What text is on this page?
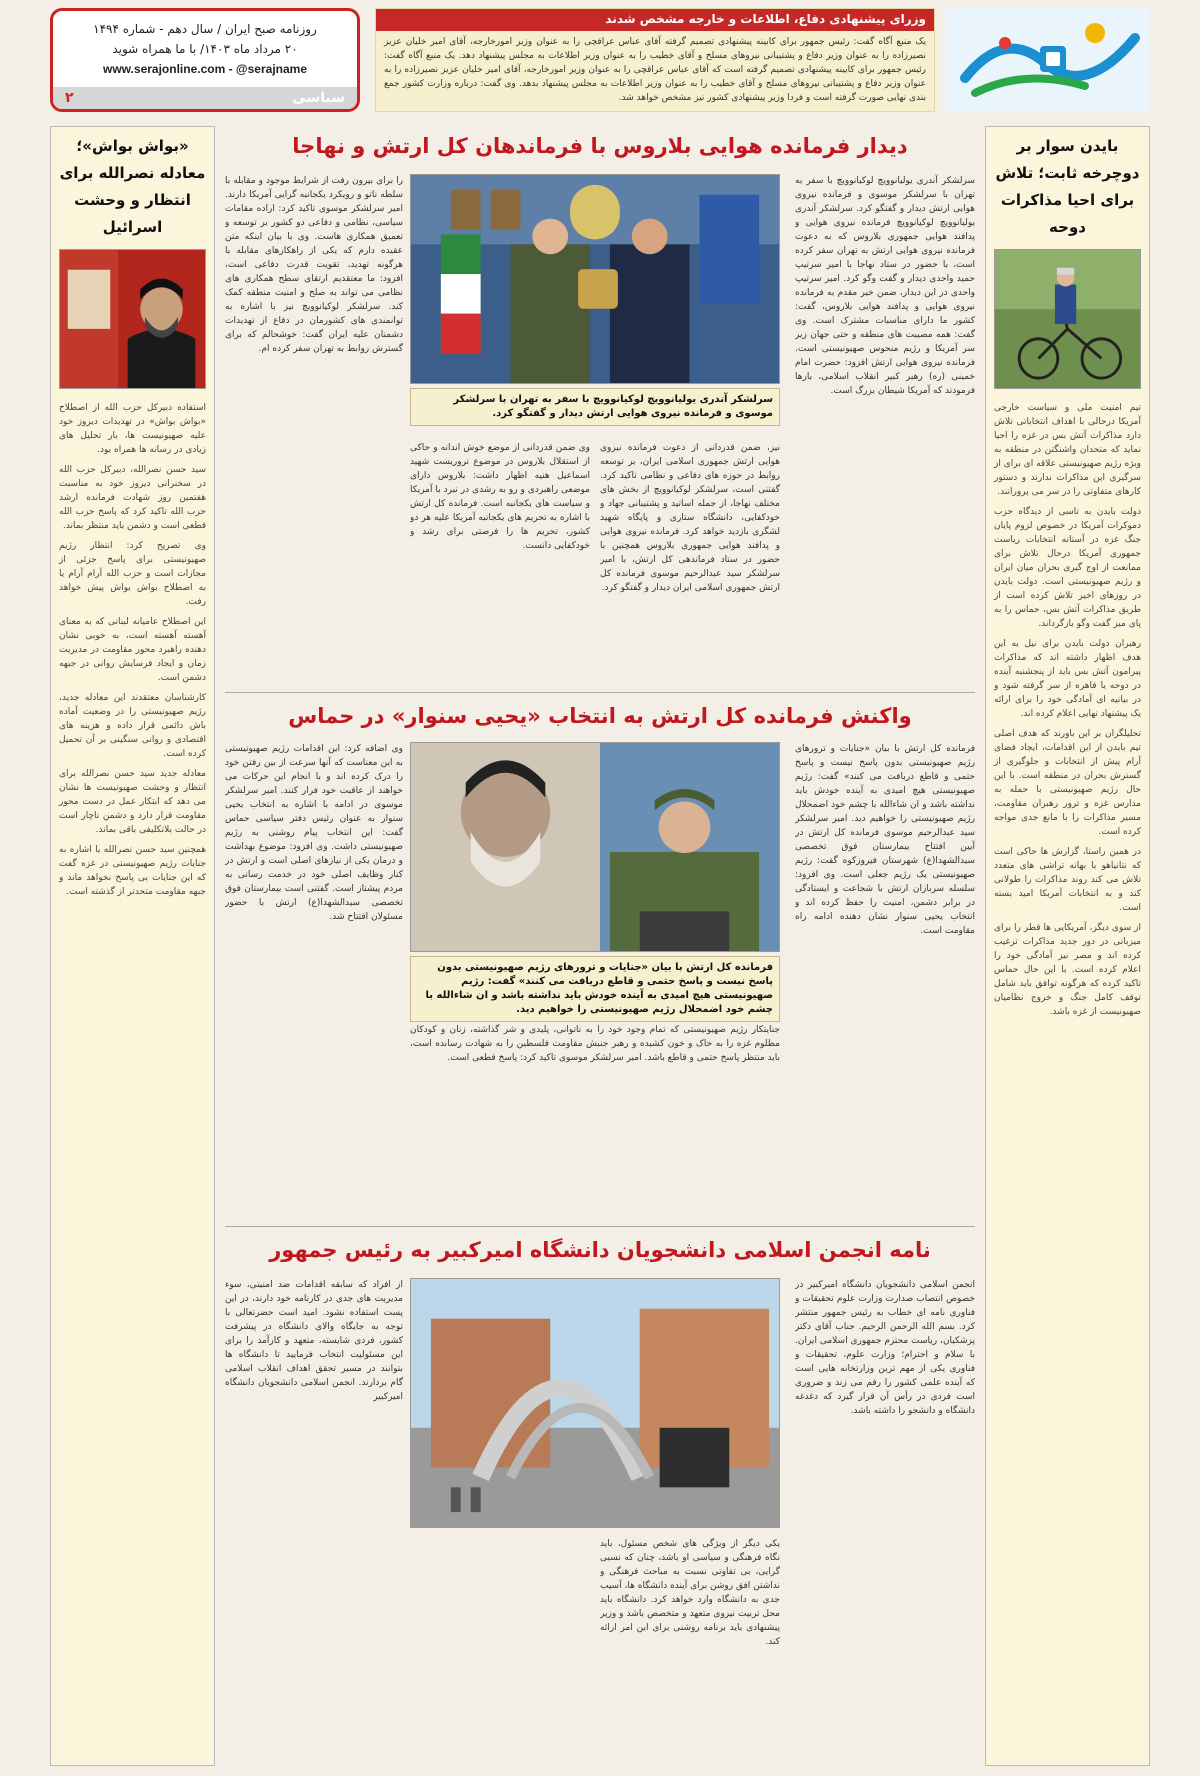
روزنامه صبح ایران / سال دهم - شماره ۱۴۹۴
۲۰ مرداد ماه ۱۴۰۳/ با ما همراه شوید
www.serajonline.com - @serajname
سیاسی
۲
وزرای پیشنهادی دفاع، اطلاعات و خارجه مشخص شدند
یک منبع آگاه گفت: رئیس جمهور برای کابینه پیشنهادی تصمیم گرفته آقای عباس عراقچی را به عنوان وزیر امورخارجه، آقای امیر خلیان عزیز نصیرزاده را به عنوان وزیر دفاع و پشتیبانی نیروهای مسلح و آقای خطیب را به عنوان وزیر اطلاعات به مجلس پیشنهاد دهد. یک منبع آگاه گفت: رئیس جمهور برای کابینه پیشنهادی تصمیم گرفته است که آقای عباس عراقچی را به عنوان وزیر امورخارجه، آقای امیر خلیان عزیز نصیرزاده را به عنوان وزیر دفاع و پشتیبانی نیروهای مسلح و آقای خطیب را به عنوان وزیر اطلاعات به مجلس پیشنهاد بدهد. وی گفت: درباره وزارت کشور جمع بندی نهایی صورت گرفته است و فردا وزیر پیشنهادی کشور نیز مشخص خواهد شد.
بایدن سوار بر دوچرخه ثابت؛ تلاش برای احیا مذاکرات دوحه

تیم امنیت ملی و سیاست خارجی آمریکا درحالی با اهداف انتخاباتی تلاش دارد مذاکرات آتش بس در غزه را احیا نماید که متحدان واشنگتن در منطقه به ویژه رژیم صهیونیستی علاقه ای برای از سرگیری این مذاکرات ندارند و دستور کارهای متفاوتی را در سر می پرورانند.

دولت بایدن به تاسی از دیدگاه حزب دموکرات آمریکا در خصوص لزوم پایان جنگ غزه در آستانه انتخابات ریاست جمهوری آمریکا درحال تلاش برای ممانعت از اوج گیری بحران میان ایران و رژیم صهیونیستی است. دولت بایدن در روزهای اخیر تلاش کرده است از طریق مذاکرات آتش بس، حماس را به پای میز گفت وگو بازگرداند.

رهبران دولت بایدن برای نیل به این هدف اظهار داشته اند که مذاکرات پیرامون آتش بس باید از پنجشنبه آینده در دوحه یا قاهره از سر گرفته شود و در بیانیه ای آمادگی خود را برای ارائه یک پیشنهاد نهایی اعلام کرده اند.

تحلیلگران بر این باورند که هدف اصلی تیم بایدن از این اقدامات، ایجاد فضای آرام پیش از انتخابات و جلوگیری از گسترش بحران در منطقه است. با این حال رژیم صهیونیستی با حمله به مدارس غزه و ترور رهبران مقاومت، مسیر مذاکرات را با مانع جدی مواجه کرده است.

در همین راستا، گزارش ها حاکی است که نتانیاهو با بهانه تراشی های متعدد تلاش می کند روند مذاکرات را طولانی کند و به انتخابات آمریکا امید بسته است.

از سوی دیگر، آمریکایی ها قطر را برای میزبانی در دور جدید مذاکرات ترغیب کرده اند و مصر نیز آمادگی خود را اعلام کرده است. با این حال حماس تاکید کرده که هرگونه توافق باید شامل توقف کامل جنگ و خروج نظامیان صهیونیست از غزه باشد.

«بواش بواش»؛ معادله نصرالله برای انتظار و وحشت اسرائیل

استفاده دبیرکل حزب الله از اصطلاح «بواش بواش» در تهدیدات دیروز خود علیه صهیونیست ها، بار تحلیل های زیادی در رسانه ها همراه بود.

سید حسن نصرالله، دبیرکل حزب الله در سخنرانی دیروز خود به مناسبت هفتمین روز شهادت فرمانده ارشد حزب الله تاکید کرد که پاسخ حزب الله قطعی است و دشمن باید منتظر بماند.

وی تصریح کرد: انتظار رژیم صهیونیستی برای پاسخ جزئی از مجازات است و حزب الله آرام آرام یا به اصطلاح بواش بواش پیش خواهد رفت.

این اصطلاح عامیانه لبنانی که به معنای آهسته آهسته است، به خوبی نشان دهنده راهبرد محور مقاومت در مدیریت زمان و ایجاد فرسایش روانی در جبهه دشمن است.

کارشناسان معتقدند این معادله جدید، رژیم صهیونیستی را در وضعیت آماده باش دائمی قرار داده و هزینه های اقتصادی و روانی سنگینی بر آن تحمیل کرده است.

معادله جدید سید حسن نصرالله برای انتظار و وحشت صهیونیست ها نشان می دهد که ابتکار عمل در دست محور مقاومت قرار دارد و دشمن ناچار است در حالت بلاتکلیفی باقی بماند.

همچنین سید حسن نصرالله با اشاره به جنایات رژیم صهیونیستی در غزه گفت که این جنایات بی پاسخ نخواهد ماند و جبهه مقاومت متحدتر از گذشته است.

دیدار فرمانده هوایی بلاروس با فرماندهان کل ارتش و نهاجا
سرلشکر آندری یولیانوویچ لوکیانوویچ با سفر به تهران با سرلشکر موسوی و فرمانده نیروی هوایی ارتش دیدار و گفتگو کرد. سرلشکر آندری یولیانوویچ لوکیانوویچ فرمانده نیروی هوایی و پدافند هوایی جمهوری بلاروس که به دعوت فرمانده نیروی هوایی ارتش به تهران سفر کرده است، با حضور در ستاد نهاجا با امیر سرتیپ حمید واحدی دیدار و گفت وگو کرد. امیر سرتیپ واحدی در این دیدار، ضمن خیر مقدم به فرمانده نیروی هوایی و پدافند هوایی بلاروس، گفت: کشور ما دارای مناسبات مشترک است. وی گفت: همه مصیبت های منطقه و حتی جهان زیر سر آمریکا و رژیم منحوس صهیونیستی است. فرمانده نیروی هوایی ارتش افزود: حضرت امام خمینی (ره) رهبر کبیر انقلاب اسلامی، بارها فرمودند که آمریکا شیطان بزرگ است.
سرلشکر آندری یولیانوویچ لوکیانوویچ با سفر به تهران با سرلشکر موسوی و فرمانده نیروی هوایی ارتش دیدار و گفتگو کرد.
نیز، ضمن قدردانی از دعوت فرمانده نیروی هوایی ارتش جمهوری اسلامی ایران، بر توسعه روابط در حوزه های دفاعی و نظامی تاکید کرد. گفتنی است، سرلشکر لوکیانوویچ از بخش های مختلف نهاجا، از جمله اساتید و پشتیبانی جهاد و خودکفایی، دانشگاه ستاری و پایگاه شهید لشگری بازدید خواهد کرد. فرمانده نیروی هوایی و پدافند هوایی جمهوری بلاروس همچنین با حضور در ستاد فرماندهی کل ارتش، با امیر سرلشکر سید عبدالرحیم موسوی فرمانده کل ارتش جمهوری اسلامی ایران دیدار و گفتگو کرد.
وی ضمن قدردانی از موضع خوش اندانه و حاکی از استقلال بلاروس در موضوع تروریست شهید اسماعیل هنیه اظهار داشت: بلاروس دارای موضعی راهبردی و رو به رشدی در نبرد با آمریکا و سیاست های یکجانبه است. فرمانده کل ارتش با اشاره به تحریم های یکجانبه آمریکا علیه هر دو کشور، تحریم ها را فرصتی برای رشد و خودکفایی دانست.
را برای بیرون رفت از شرایط موجود و مقابله با سلطه ناتو و رویکرد یکجانبه گرایی آمریکا دارند. امیر سرلشکر موسوی تاکید کرد: اراده مقامات سیاسی، نظامی و دفاعی دو کشور بر توسعه و تعمیق همکاری هاست. وی با بیان اینکه متن عقیده دارم که یکی از راهکارهای مقابله با هرگونه تهدید، تقویت قدرت دفاعی است، افزود: ما معتقدیم ارتقای سطح همکاری های نظامی می تواند به صلح و امنیت منطقه کمک کند. سرلشکر لوکیانوویچ نیز با اشاره به توانمندی های کشورمان در دفاع از تهدیدات دشمنان علیه ایران گفت: خوشحالم که برای گسترش روابط به تهران سفر کرده ام.
واکنش فرمانده کل ارتش به انتخاب «یحیی سنوار» در حماس
فرمانده کل ارتش با بیان «جنایات و ترورهای رژیم صهیونیستی بدون پاسخ نیست و پاسخ حتمی و قاطع دریافت می کنند» گفت: رژیم صهیونیستی هیچ امیدی به آینده خودش باید نداشته باشد و ان شاءالله با چشم خود اضمحلال رژیم صهیونیستی را خواهیم دید. امیر سرلشکر سید عبدالرحیم موسوی فرمانده کل ارتش در آیین افتتاح بیمارستان فوق تخصصی سیدالشهدا(ع) شهرستان فیروزکوه گفت: رژیم صهیونیستی یک رژیم جعلی است. وی افزود: سلسله سربازان ارتش با شجاعت و ایستادگی در برابر دشمن، امنیت را حفظ کرده اند و انتخاب یحیی سنوار نشان دهنده ادامه راه مقاومت است.
فرمانده کل ارتش با بیان «جنایات و ترورهای رژیم صهیونیستی بدون پاسخ نیست و پاسخ حتمی و قاطع دریافت می کنند» گفت: رژیم صهیونیستی هیچ امیدی به آینده خودش باید نداشته باشد و ان شاءالله با چشم خود اضمحلال رژیم صهیونیستی را خواهیم دید.
جنایتکار رژیم صهیونیستی که تمام وجود خود را به ناتوانی، پلیدی و شر گذاشته، زنان و کودکان مظلوم غزه را به خاک و خون کشیده و رهبر جنبش مقاومت فلسطین را به شهادت رسانده است، باید منتظر پاسخ حتمی و قاطع باشد. امیر سرلشکر موسوی تاکید کرد: پاسخ قطعی است.
وی اضافه کرد: این اقدامات رژیم صهیونیستی به این معناست که آنها سرعت از بین رفتن خود را درک کرده اند و با انجام این حرکات می خواهند از عاقبت خود فرار کنند. امیر سرلشکر موسوی در ادامه با اشاره به انتخاب یحیی سنوار به عنوان رئیس دفتر سیاسی حماس گفت: این انتخاب پیام روشنی به رژیم صهیونیستی داشت. وی افزود: موضوع بهداشت و درمان یکی از نیازهای اصلی است و ارتش در کنار وظایف اصلی خود در خدمت رسانی به مردم پیشتاز است. گفتنی است بیمارستان فوق تخصصی سیدالشهدا(ع) ارتش با حضور مسئولان افتتاح شد.
نامه انجمن اسلامی دانشجویان دانشگاه امیرکبیر به رئیس جمهور
انجمن اسلامی دانشجویان دانشگاه امیرکبیر در خصوص انتصاب صدارت وزارت علوم تحقیقات و فناوری نامه ای خطاب به رئیس جمهور منتشر کرد. بسم الله الرحمن الرحیم. جناب آقای دکتر پزشکیان، ریاست محترم جمهوری اسلامی ایران. با سلام و احترام؛ وزارت علوم، تحقیقات و فناوری یکی از مهم ترین وزارتخانه هایی است که آینده علمی کشور را رقم می زند و ضروری است فردی در رأس آن قرار گیرد که دغدغه دانشگاه و دانشجو را داشته باشد.
یکی دیگر از ویژگی های شخص مسئول، باید نگاه فرهنگی و سیاسی او باشد، چنان که نسبی گرایی، بی تفاوتی نسبت به مباحث فرهنگی و نداشتن افق روشن برای آینده دانشگاه ها، آسیب جدی به دانشگاه وارد خواهد کرد. دانشگاه باید محل تربیت نیروی متعهد و متخصص باشد و وزیر پیشنهادی باید برنامه روشنی برای این امر ارائه کند.
از افراد که سابقه اقدامات ضد امنیتی، سوء مدیریت های جدی در کارنامه خود دارند، در این پست استفاده نشود. امید است حضرتعالی با توجه به جایگاه والای دانشگاه در پیشرفت کشور، فردی شایسته، متعهد و کارآمد را برای این مسئولیت انتخاب فرمایید تا دانشگاه ها بتوانند در مسیر تحقق اهداف انقلاب اسلامی گام بردارند. انجمن اسلامی دانشجویان دانشگاه امیرکبیر
